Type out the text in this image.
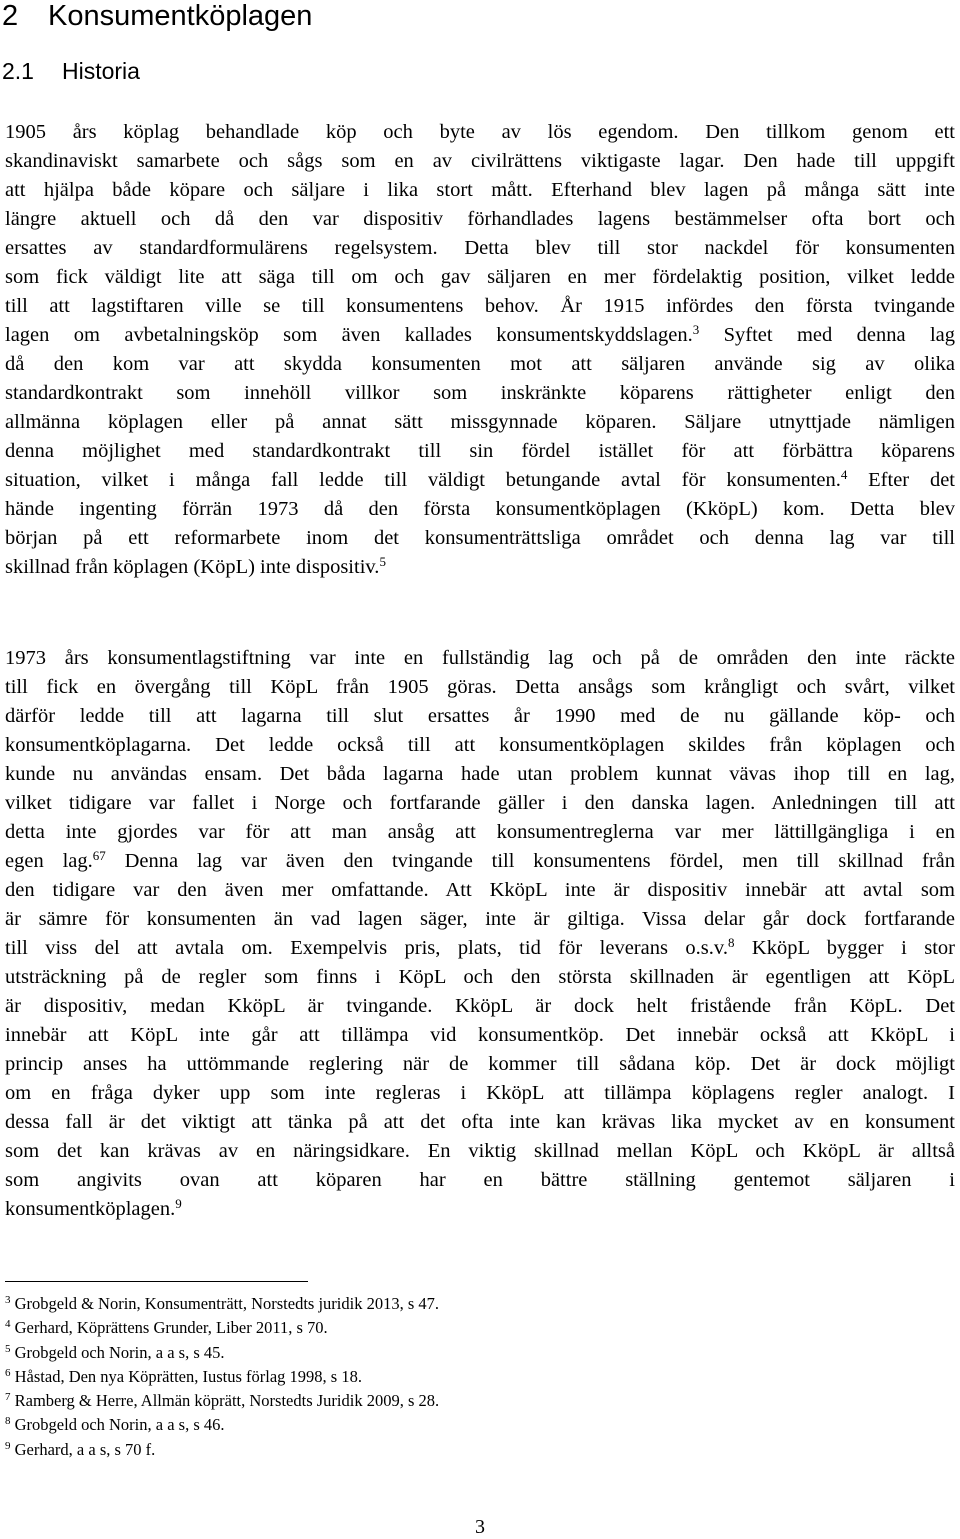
2 Konsumentköplagen
2.1 Historia
1905 års köplag behandlade köp och byte av lös egendom. Den tillkom genom ett
skandinaviskt samarbete och sågs som en av civilrättens viktigaste lagar. Den hade till uppgift
att hjälpa både köpare och säljare i lika stort mått. Efterhand blev lagen på många sätt inte
längre aktuell och då den var dispositiv förhandlades lagens bestämmelser ofta bort och
ersattes av standardformulärens regelsystem. Detta blev till stor nackdel för konsumenten
som fick väldigt lite att säga till om och gav säljaren en mer fördelaktig position, vilket ledde
till att lagstiftaren ville se till konsumentens behov. År 1915 infördes den första tvingande
lagen om avbetalningsköp som även kallades konsumentskyddslagen.$^3$ Syftet med denna lag
då den kom var att skydda konsumenten mot att säljaren använde sig av olika
standardkontrakt som innehöll villkor som inskränkte köparens rättigheter enligt den
allmänna köplagen eller på annat sätt missgynnade köparen. Säljare utnyttjade nämligen
denna möjlighet med standardkontrakt till sin fördel istället för att förbättra köparens
situation, vilket i många fall ledde till väldigt betungande avtal för konsumenten.$^4$ Efter det
hände ingenting förrän 1973 då den första konsumentköplagen (KköpL) kom. Detta blev
början på ett reformarbete inom det konsumenträttsliga området och denna lag var till
skillnad från köplagen (KöpL) inte dispositiv.$^5$
1973 års konsumentlagstiftning var inte en fullständig lag och på de områden den inte räckte
till fick en övergång till KöpL från 1905 göras. Detta ansågs som krångligt och svårt, vilket
därför ledde till att lagarna till slut ersattes år 1990 med de nu gällande köp- och
konsumentköplagarna. Det ledde också till att konsumentköplagen skildes från köplagen och
kunde nu användas ensam. Det båda lagarna hade utan problem kunnat vävas ihop till en lag,
vilket tidigare var fallet i Norge och fortfarande gäller i den danska lagen. Anledningen till att
detta inte gjordes var för att man ansåg att konsumentreglerna var mer lättillgängliga i en
egen lag.$^{67}$ Denna lag var även den tvingande till konsumentens fördel, men till skillnad från
den tidigare var den även mer omfattande. Att KköpL inte är dispositiv innebär att avtal som
är sämre för konsumenten än vad lagen säger, inte är giltiga. Vissa delar går dock fortfarande
till viss del att avtala om. Exempelvis pris, plats, tid för leverans o.s.v.$^8$ KköpL bygger i stor
utsträckning på de regler som finns i KöpL och den största skillnaden är egentligen att KöpL
är dispositiv, medan KköpL är tvingande. KköpL är dock helt fristående från KöpL. Det
innebär att KöpL inte går att tillämpa vid konsumentköp. Det innebär också att KköpL i
princip anses ha uttömmande reglering när de kommer till sådana köp. Det är dock möjligt
om en fråga dyker upp som inte regleras i KköpL att tillämpa köplagens regler analogt. I
dessa fall är det viktigt att tänka på att det ofta inte kan krävas lika mycket av en konsument
som det kan krävas av en näringsidkare. En viktig skillnad mellan KöpL och KköpL är alltså
som angivits ovan att köparen har en bättre ställning gentemot säljaren i
konsumentköplagen.$^9$
$^3$ Grobgeld & Norin, Konsumenträtt, Norstedts juridik 2013, s 47.
$^4$ Gerhard, Köprättens Grunder, Liber 2011, s 70.
$^5$ Grobgeld och Norin, a a s, s 45.
$^6$ Håstad, Den nya Köprätten, Iustus förlag 1998, s 18.
$^7$ Ramberg & Herre, Allmän köprätt, Norstedts Juridik 2009, s 28.
$^8$ Grobgeld och Norin, a a s, s 46.
$^9$ Gerhard, a a s, s 70 f.
3
